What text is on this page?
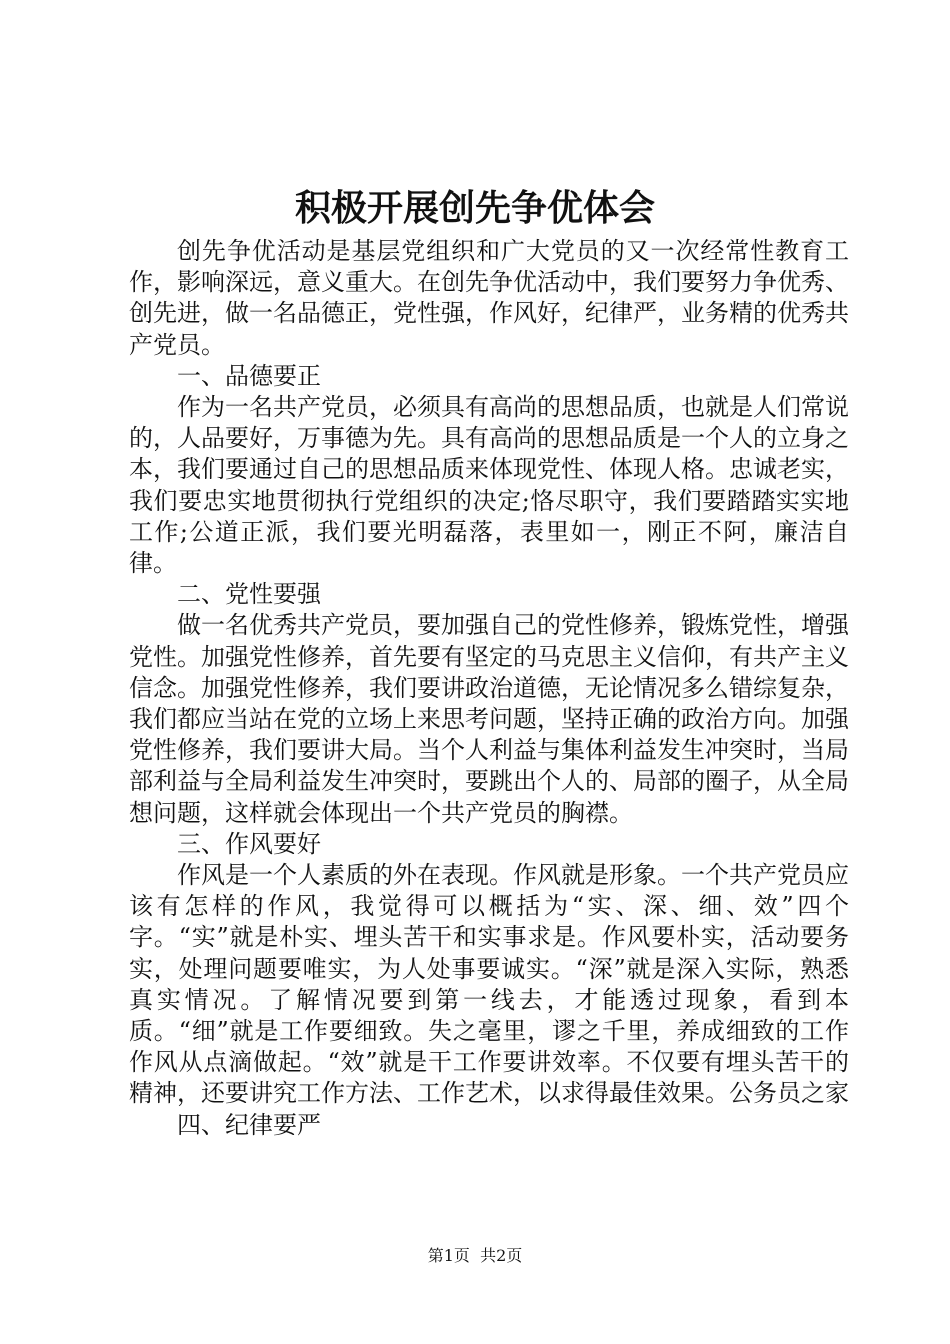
积极开展创先争优体会

创先争优活动是基层党组织和广大党员的又一次经常性教育工作，影响深远，意义重大。在创先争优活动中，我们要努力争优秀、创先进，做一名品德正，党性强，作风好，纪律严，业务精的优秀共产党员。

一、品德要正

作为一名共产党员，必须具有高尚的思想品质，也就是人们常说的，人品要好，万事德为先。具有高尚的思想品质是一个人的立身之本，我们要通过自己的思想品质来体现党性、体现人格。忠诚老实，我们要忠实地贯彻执行党组织的决定;恪尽职守，我们要踏踏实实地工作;公道正派，我们要光明磊落，表里如一，刚正不阿，廉洁自律。

二、党性要强

做一名优秀共产党员，要加强自己的党性修养，锻炼党性，增强党性。加强党性修养，首先要有坚定的马克思主义信仰，有共产主义信念。加强党性修养，我们要讲政治道德，无论情况多么错综复杂，我们都应当站在党的立场上来思考问题，坚持正确的政治方向。加强党性修养，我们要讲大局。当个人利益与集体利益发生冲突时，当局部利益与全局利益发生冲突时，要跳出个人的、局部的圈子，从全局想问题，这样就会体现出一个共产党员的胸襟。

三、作风要好

作风是一个人素质的外在表现。作风就是形象。一个共产党员应该有怎样的作风，我觉得可以概括为“实、深、细、效”四个字。“实”就是朴实、埋头苦干和实事求是。作风要朴实，活动要务实，处理问题要唯实，为人处事要诚实。“深”就是深入实际，熟悉真实情况。了解情况要到第一线去，才能透过现象，看到本质。“细”就是工作要细致。失之毫里，谬之千里，养成细致的工作作风从点滴做起。“效”就是干工作要讲效率。不仅要有埋头苦干的精神，还要讲究工作方法、工作艺术，以求得最佳效果。公务员之家

四、纪律要严

第1页 共2页
